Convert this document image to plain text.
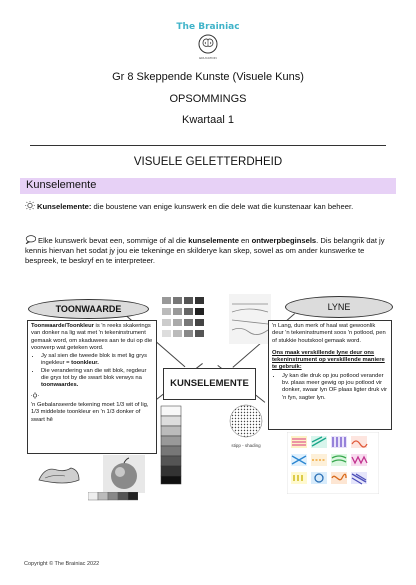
The Brainiac
EDUCATION
Gr 8 Skeppende Kunste (Visuele Kuns)
OPSOMMINGS
Kwartaal 1
VISUELE GELETTERDHEID
Kunselemente
Kunselemente: die boustene van enige kunswerk en die dele wat die kunstenaar kan beheer.
Elke kunswerk bevat een, sommige of al die kunselemente en ontwerpbeginsels. Dis belangrik dat jy kennis hiervan het sodat jy jou eie tekeninge en skilderye kan skep, sowel as om ander kunswerke te bespreek, te beskryf en te interpreteer.
TOONWAARDE
Toonwaarde/Toonkleur is 'n reeks skakerings van donker na lig wat met 'n tekeninstrument gemaak word, om skaduwees aan te dui op die voorwerp wat geteken word.
• Jy sal sien die tweede blok is met lig grys ingekleur = toonkleur.
• Die verandering van die wit blok, regdeur die grys tot by die swart blok verwys na toonwaardes.

'n Gebalanseerde tekening moet 1/3 wit of lig, 1/3 middelste toonkleur en 'n 1/3 donker of swart hê
KUNSELEMENTE
LYNE
'n Lang, dun merk of haal wat gewoonlik deur 'n tekeninstrument soos 'n potlood, pen of stukkie houtskool gemaak word.
Ons maak verskillende lyne deur ons tekeninstrument op verskillende maniere te gebruik:
• Jy kan die druk op jou potlood verander bv. plaas meer gewig op jou potlood vir donker, swaar lyn OF plaas ligter druk vir 'n fyn, sagter lyn.
stipp - shading
Copyright © The Brainiac 2022
